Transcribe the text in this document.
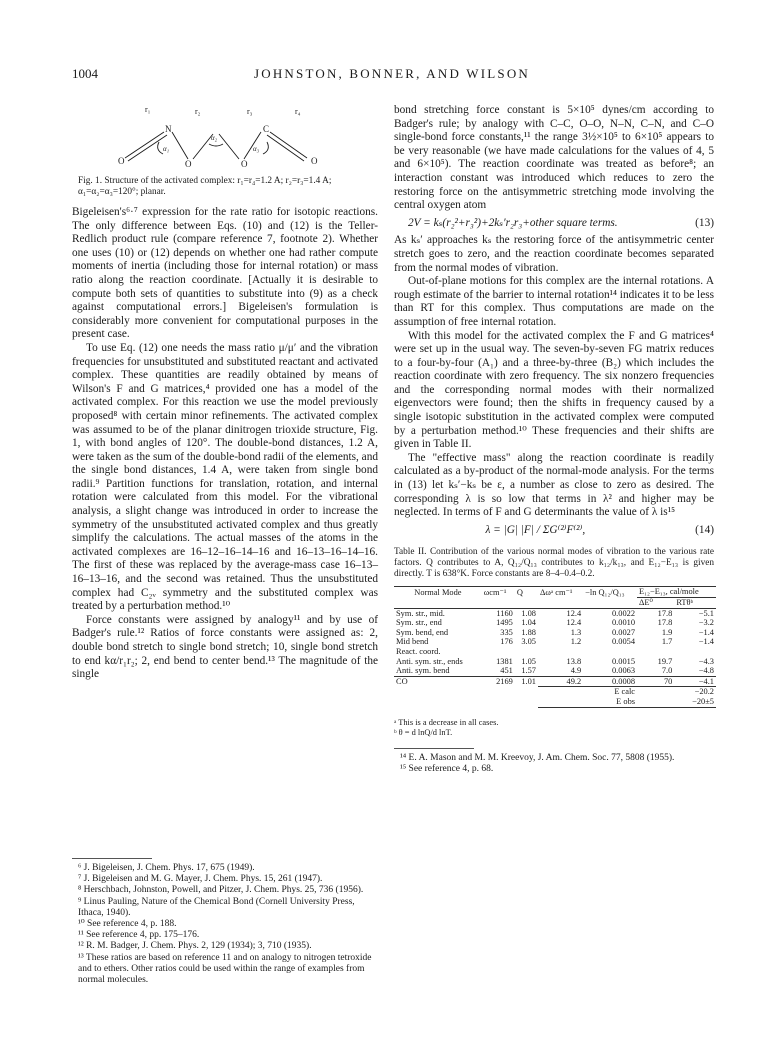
1004	JOHNSTON, BONNER, AND WILSON
r₁	r₂	r₃	r₄
N	C
O	O	O	O
α₁
α₂
α₃
Fig. 1. Structure of the activated complex: r₁=r₄=1.2 A; r₂=r₃=1.4 A; α₁=α₂=α₃=120°; planar.

Bigeleisen's⁶·⁷ expression for the rate ratio for isotopic reactions. The only difference between Eqs. (10) and (12) is the Teller-Redlich product rule (compare reference 7, footnote 2). Whether one uses (10) or (12) depends on whether one had rather compute moments of inertia (including those for internal rotation) or mass ratio along the reaction coordinate. [Actually it is desirable to compute both sets of quantities to substitute into (9) as a check against computational errors.] Bigeleisen's formulation is considerably more convenient for computational purposes in the present case.

To use Eq. (12) one needs the mass ratio μ/μ′ and the vibration frequencies for unsubstituted and substituted reactant and activated complex. These quantities are readily obtained by means of Wilson's F and G matrices,⁴ provided one has a model of the activated complex. For this reaction we use the model previously proposed⁸ with certain minor refinements. The activated complex was assumed to be of the planar dinitrogen trioxide structure, Fig. 1, with bond angles of 120°. The double-bond distances, 1.2 A, were taken as the sum of the double-bond radii of the elements, and the single bond distances, 1.4 A, were taken from single bond radii.⁹ Partition functions for translation, rotation, and internal rotation were calculated from this model. For the vibrational analysis, a slight change was introduced in order to increase the symmetry of the unsubstituted activated complex and thus greatly simplify the calculations. The actual masses of the atoms in the activated complexes are 16–12–16–14–16 and 16–13–16–14–16. The first of these was replaced by the average-mass case 16–13–16–13–16, and the second was retained. Thus the unsubstituted complex had C₂ᵥ symmetry and the substituted complex was treated by a perturbation method.¹⁰

Force constants were assigned by analogy¹¹ and by use of Badger's rule.¹² Ratios of force constants were assigned as: 2, double bond stretch to single bond stretch; 10, single bond stretch to end kα/r₁r₂; 2, end bend to center bend.¹³ The magnitude of the single

⁶ J. Bigeleisen, J. Chem. Phys. 17, 675 (1949).
⁷ J. Bigeleisen and M. G. Mayer, J. Chem. Phys. 15, 261 (1947).
⁸ Herschbach, Johnston, Powell, and Pitzer, J. Chem. Phys. 25, 736 (1956).
⁹ Linus Pauling, Nature of the Chemical Bond (Cornell University Press, Ithaca, 1940).
¹⁰ See reference 4, p. 188.
¹¹ See reference 4, pp. 175–176.
¹² R. M. Badger, J. Chem. Phys. 2, 129 (1934); 3, 710 (1935).
¹³ These ratios are based on reference 11 and on analogy to nitrogen tetroxide and to ethers. Other ratios could be used within the range of examples from normal molecules.

bond stretching force constant is 5×10⁵ dynes/cm according to Badger's rule; by analogy with C–C, O–O, N–N, C–N, and C–O single-bond force constants,¹¹ the range 3½×10⁵ to 6×10⁵ appears to be very reasonable (we have made calculations for the values of 4, 5 and 6×10⁵). The reaction coordinate was treated as before⁸; an interaction constant was introduced which reduces to zero the restoring force on the antisymmetric stretching mode involving the central oxygen atom

2V = kₛ(r₂²+r₃²)+2kₛ′r₂r₃+other square terms.	(13)

As kₛ′ approaches kₛ the restoring force of the antisymmetric center stretch goes to zero, and the reaction coordinate becomes separated from the normal modes of vibration.

Out-of-plane motions for this complex are the internal rotations. A rough estimate of the barrier to internal rotation¹⁴ indicates it to be less than RT for this complex. Thus computations are made on the assumption of free internal rotation.

With this model for the activated complex the F and G matrices⁴ were set up in the usual way. The seven-by-seven FG matrix reduces to a four-by-four (A₁) and a three-by-three (B₂) which includes the reaction coordinate with zero frequency. The six nonzero frequencies and the corresponding normal modes with their normalized eigenvectors were found; then the shifts in frequency caused by a single isotopic substitution in the activated complex were computed by a perturbation method.¹⁰ These frequencies and their shifts are given in Table II.

The "effective mass" along the reaction coordinate is readily calculated as a by-product of the normal-mode analysis. For the terms in (13) let kₛ′−kₛ be ε, a number as close to zero as desired. The corresponding λ is so low that terms in λ² and higher may be neglected. In terms of F and G determinants the value of λ is¹⁵

λ = |G| |F| / ΣG⁽²⁾F⁽²⁾,	(14)
Table II. Contribution of the various normal modes of vibration to the various rate factors. Q contributes to A, Q₁₂/Q₁₃ contributes to k₁₂/k₁₃, and E₁₂−E₁₃ is given directly. T is 638°K. Force constants are 8–4–0.4–0.2.
Normal Mode	ωcm⁻¹	Q	Δωᵃ cm⁻¹	−ln Q₁₂/Q₁₃	E₁₂−E₁₃, cal/mole	
					ΔE⁰	RTθᵇ
Sym. str., mid.	1160	1.08	12.4	0.0022	17.8	−5.1
Sym. str., end	1495	1.04	12.4	0.0010	17.8	−3.2
Sym. bend, end	335	1.88	1.3	0.0027	1.9	−1.4
Mid bend	176	3.05	1.2	0.0054	1.7	−1.4
React. coord.						
Anti. sym. str., ends	1381	1.05	13.8	0.0015	19.7	−4.3
Anti. sym. bend	451	1.57	4.9	0.0063	7.0	−4.8
CO	2169	1.01	49.2	0.0008	70	−4.1
			E calc		−20.2	
			E obs		−20±5	
ᵃ This is a decrease in all cases.
ᵇ θ = d lnQ/d lnT.
¹⁴ E. A. Mason and M. M. Kreevoy, J. Am. Chem. Soc. 77, 5808 (1955).
¹⁵ See reference 4, p. 68.
